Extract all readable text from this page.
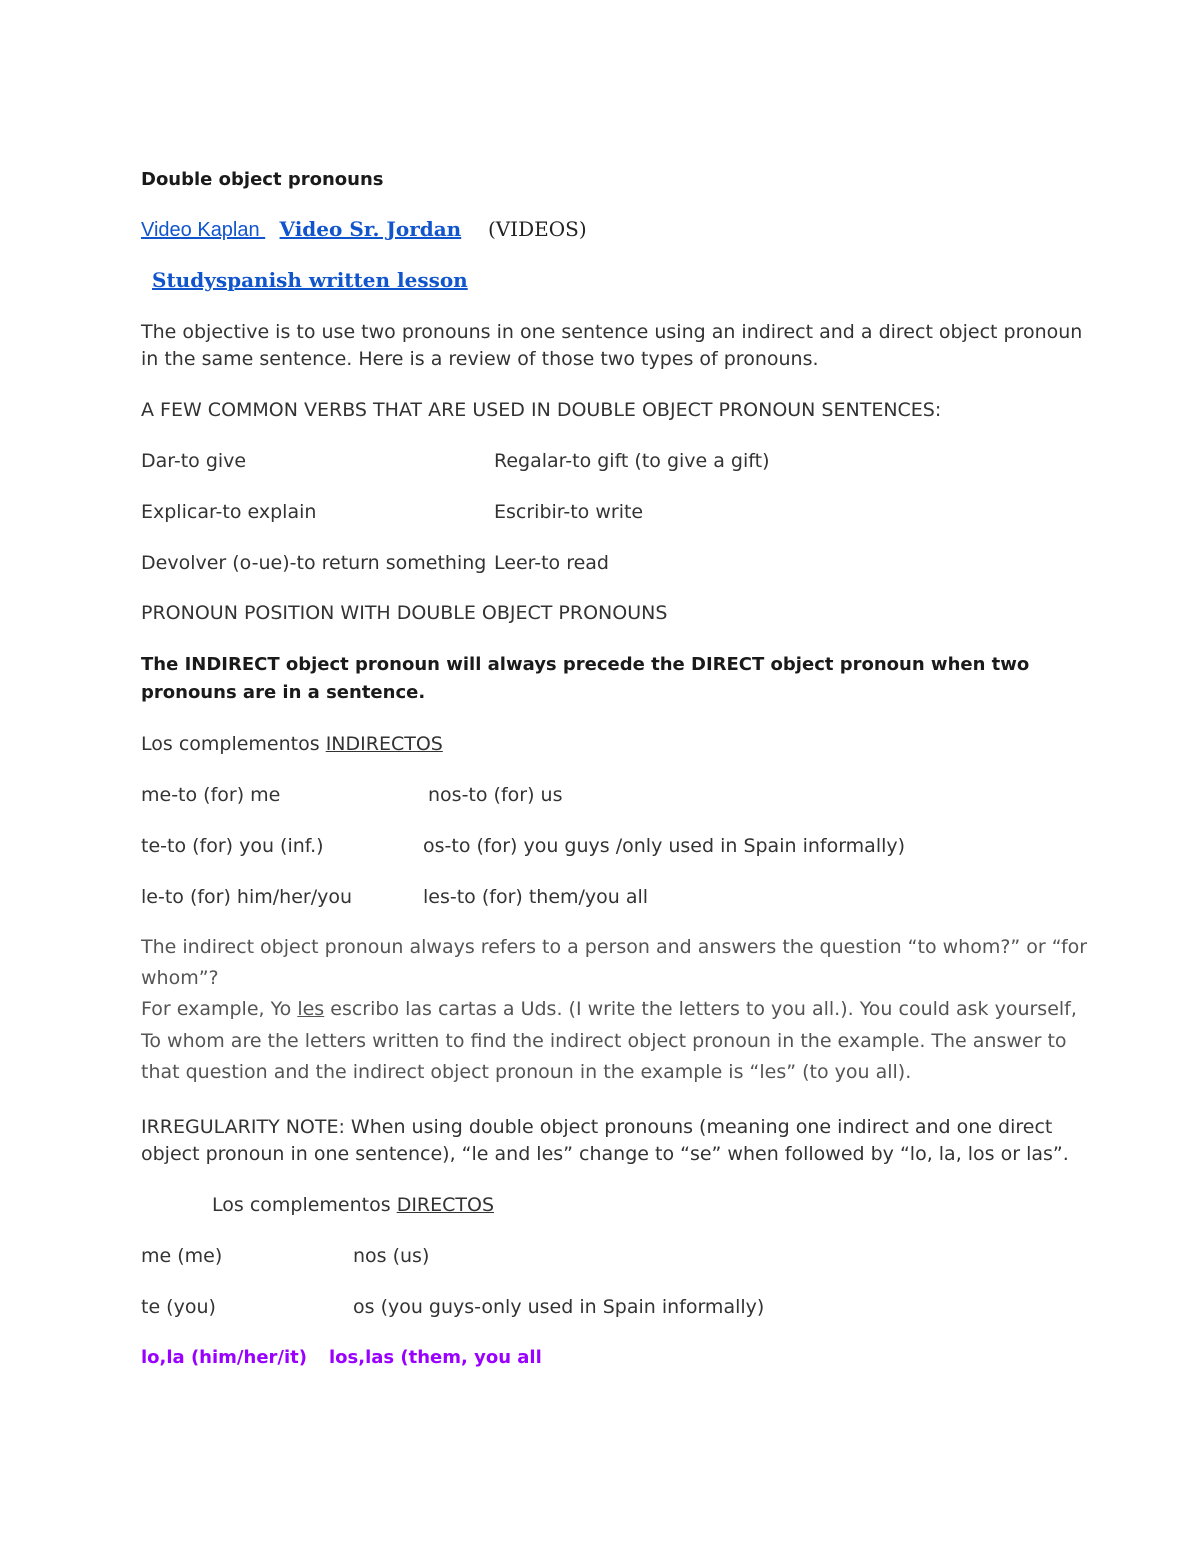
Double object pronouns
Video Kaplan  Video Sr. Jordan (VIDEOS)
Studyspanish written lesson
The objective is to use two pronouns in one sentence using an indirect and a direct object pronoun
in the same sentence. Here is a review of those two types of pronouns.
A FEW COMMON VERBS THAT ARE USED IN DOUBLE OBJECT PRONOUN SENTENCES:
Dar-to give	Regalar-to gift (to give a gift)
Explicar-to explain	Escribir-to write
Devolver (o-ue)-to return something Leer-to read
PRONOUN POSITION WITH DOUBLE OBJECT PRONOUNS
The INDIRECT object pronoun will always precede the DIRECT object pronoun when two
pronouns are in a sentence.
Los complementos INDIRECTOS
me-to (for) me	nos-to (for) us
te-to (for) you (inf.)	os-to (for) you guys /only used in Spain informally)
le-to (for) him/her/you	les-to (for) them/you all
The indirect object pronoun always refers to a person and answers the question “to whom?” or “for
whom”?
For example, Yo les escribo las cartas a Uds. (I write the letters to you all.). You could ask yourself,
To whom are the letters written to find the indirect object pronoun in the example. The answer to
that question and the indirect object pronoun in the example is “les” (to you all).
IRREGULARITY NOTE: When using double object pronouns (meaning one indirect and one direct
object pronoun in one sentence), “le and les” change to “se” when followed by “lo, la, los or las”.
Los complementos DIRECTOS
me (me)	nos (us)
te (you)	os (you guys-only used in Spain informally)
lo,la (him/her/it) los,las (them, you all
